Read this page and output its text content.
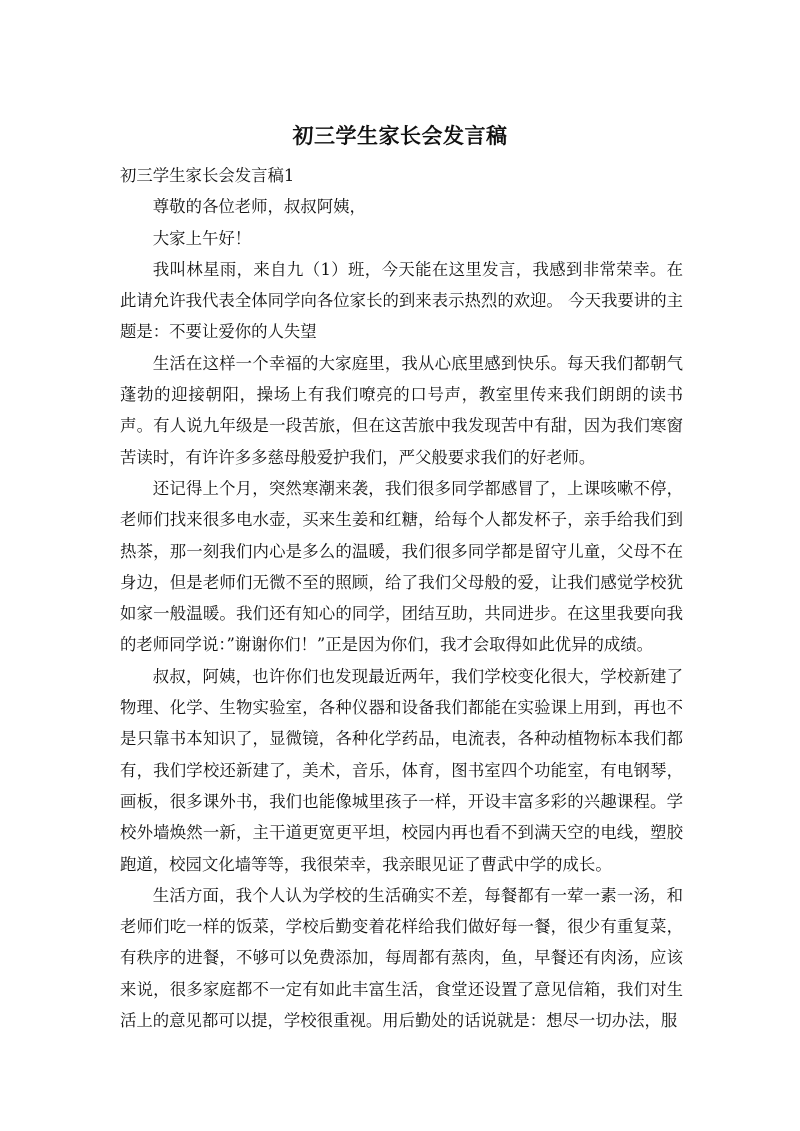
初三学生家长会发言稿

初三学生家长会发言稿1

尊敬的各位老师，叔叔阿姨，

大家上午好！

我叫林星雨，来自九（1）班，今天能在这里发言，我感到非常荣幸。在此请允许我代表全体同学向各位家长的到来表示热烈的欢迎。 今天我要讲的主题是：不要让爱你的人失望

生活在这样一个幸福的大家庭里，我从心底里感到快乐。每天我们都朝气蓬勃的迎接朝阳，操场上有我们嘹亮的口号声，教室里传来我们朗朗的读书声。有人说九年级是一段苦旅，但在这苦旅中我发现苦中有甜，因为我们寒窗苦读时，有许许多多慈母般爱护我们，严父般要求我们的好老师。

还记得上个月，突然寒潮来袭，我们很多同学都感冒了，上课咳嗽不停，老师们找来很多电水壶，买来生姜和红糖，给每个人都发杯子，亲手给我们到热茶，那一刻我们内心是多么的温暖，我们很多同学都是留守儿童，父母不在身边，但是老师们无微不至的照顾，给了我们父母般的爱，让我们感觉学校犹如家一般温暖。我们还有知心的同学，团结互助，共同进步。在这里我要向我的老师同学说：”谢谢你们！”正是因为你们，我才会取得如此优异的成绩。

叔叔，阿姨，也许你们也发现最近两年，我们学校变化很大，学校新建了物理、化学、生物实验室，各种仪器和设备我们都能在实验课上用到，再也不是只靠书本知识了，显微镜，各种化学药品，电流表，各种动植物标本我们都有，我们学校还新建了，美术，音乐，体育，图书室四个功能室，有电钢琴，画板，很多课外书，我们也能像城里孩子一样，开设丰富多彩的兴趣课程。学校外墙焕然一新，主干道更宽更平坦，校园内再也看不到满天空的电线，塑胶跑道，校园文化墙等等，我很荣幸，我亲眼见证了曹武中学的成长。

生活方面，我个人认为学校的生活确实不差，每餐都有一荤一素一汤，和老师们吃一样的饭菜，学校后勤变着花样给我们做好每一餐，很少有重复菜，有秩序的进餐，不够可以免费添加，每周都有蒸肉，鱼，早餐还有肉汤，应该来说，很多家庭都不一定有如此丰富生活，食堂还设置了意见信箱，我们对生活上的意见都可以提，学校很重视。用后勤处的话说就是：想尽一切办法，服
